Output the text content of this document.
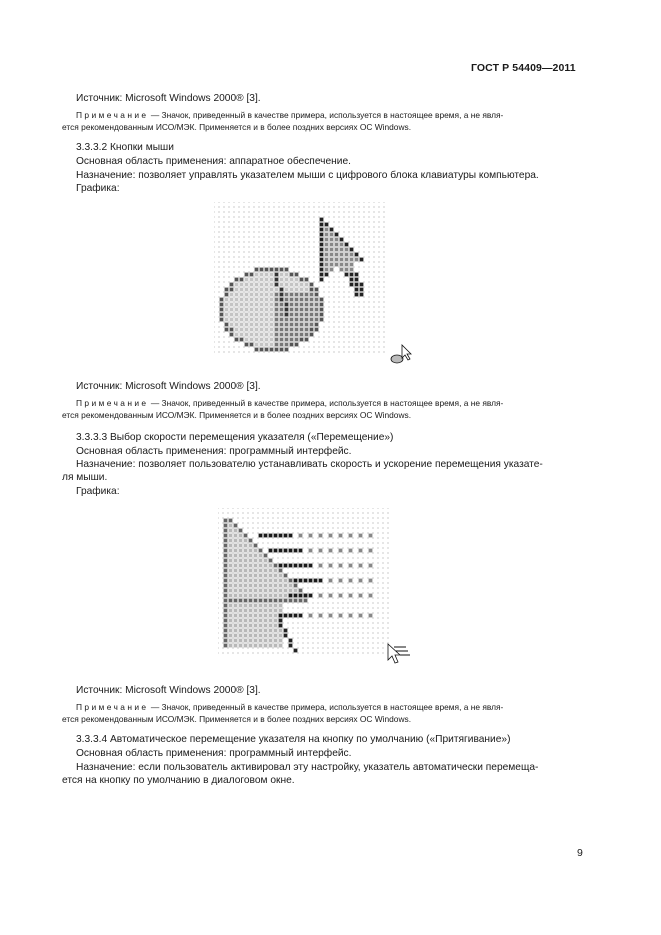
ГОСТ Р 54409—2011
Источник: Microsoft Windows 2000® [3].
Примечание — Значок, приведенный в качестве примера, используется в настоящее время, а не явля-
ется рекомендованным ИСО/МЭК. Применяется и в более поздних версиях ОС Windows.
3.3.3.2 Кнопки мыши
Основная область применения: аппаратное обеспечение.
Назначение: позволяет управлять указателем мыши с цифрового блока клавиатуры компьютера.
Графика:
Источник: Microsoft Windows 2000® [3].
Примечание — Значок, приведенный в качестве примера, используется в настоящее время, а не явля-
ется рекомендованным ИСО/МЭК. Применяется и в более поздних версиях ОС Windows.
3.3.3.3 Выбор скорости перемещения указателя («Перемещение»)
Основная область применения: программный интерфейс.
Назначение: позволяет пользователю устанавливать скорость и ускорение перемещения указате-
ля мыши.
Графика:
Источник: Microsoft Windows 2000® [3].
Примечание — Значок, приведенный в качестве примера, используется в настоящее время, а не явля-
ется рекомендованным ИСО/МЭК. Применяется и в более поздних версиях ОС Windows.
3.3.3.4 Автоматическое перемещение указателя на кнопку по умолчанию («Притягивание»)
Основная область применения: программный интерфейс.
Назначение: если пользователь активировал эту настройку, указатель автоматически перемеща-
ется на кнопку по умолчанию в диалоговом окне.
9
